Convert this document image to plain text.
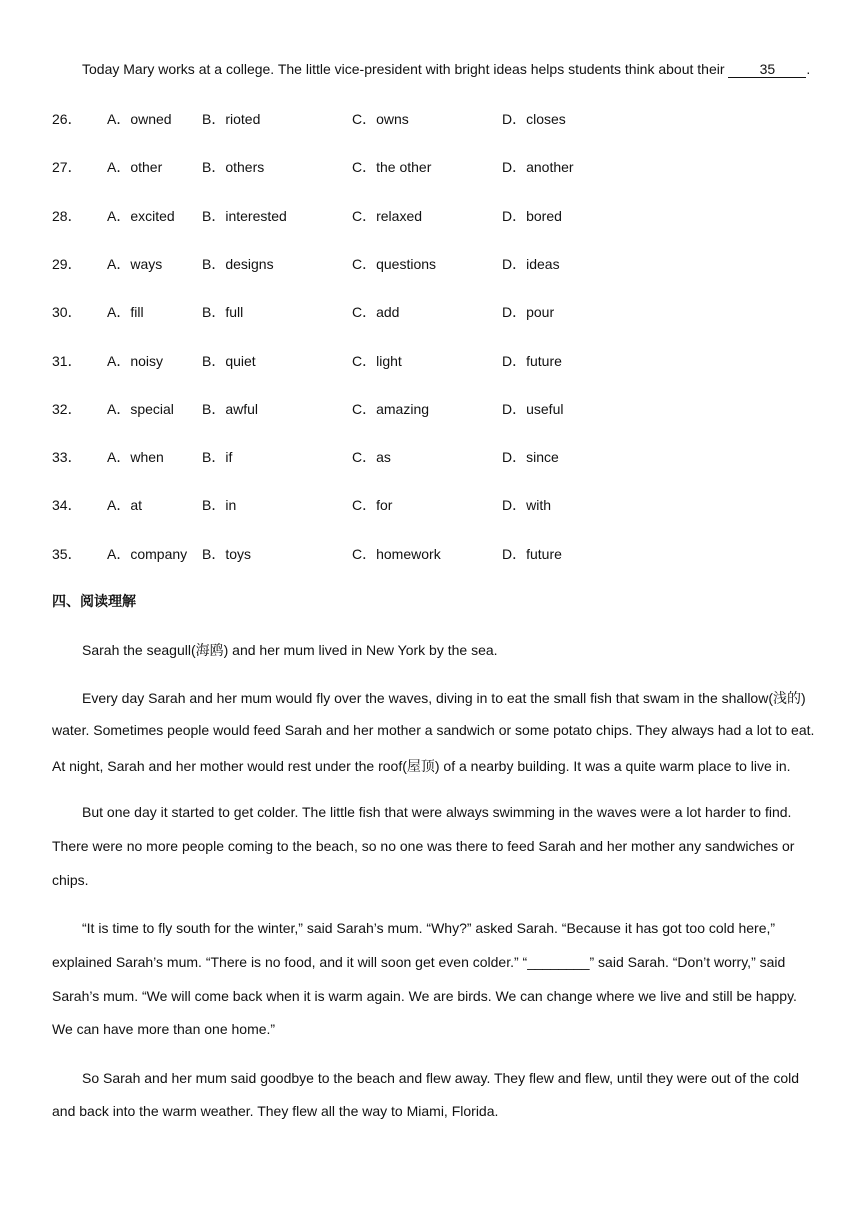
Today Mary works at a college. The little vice-president with bright ideas helps students think about their 35 .
26． A．owned B．rioted	C．owns	D．closes
27． A．other	B．others	C．the other	D．another
28． A．excited B．interested	C．relaxed	D．bored
29． A．ways	B．designs	C．questions	D．ideas
30． A．fill	B．full	C．add	D．pour
31． A．noisy	B．quiet	C．light	D．future
32． A．special B．awful	C．amazing	D．useful
33． A．when	B．if	C．as	D．since
34． A．at	B．in	C．for	D．with
35． A．company B．toys	C．homework	D．future
四、阅读理解
Sarah the seagull(海鸥) and her mum lived in New York by the sea.
Every day Sarah and her mum would fly over the waves, diving in to eat the small fish that swam in the shallow(浅的)
water. Sometimes people would feed Sarah and her mother a sandwich or some potato chips. They always had a lot to eat.
At night, Sarah and her mother would rest under the roof(屋顶) of a nearby building. It was a quite warm place to live in.
But one day it started to get colder. The little fish that were always swimming in the waves were a lot harder to find.
There were no more people coming to the beach, so no one was there to feed Sarah and her mother any sandwiches or
chips.
“It is time to fly south for the winter,” said Sarah’s mum. “Why?” asked Sarah. “Because it has got too cold here,”
explained Sarah’s mum. “There is no food, and it will soon get even colder.” “________” said Sarah. “Don’t worry,” said
Sarah’s mum. “We will come back when it is warm again. We are birds. We can change where we live and still be happy.
We can have more than one home.”
So Sarah and her mum said goodbye to the beach and flew away. They flew and flew, until they were out of the cold
and back into the warm weather. They flew all the way to Miami, Florida.
